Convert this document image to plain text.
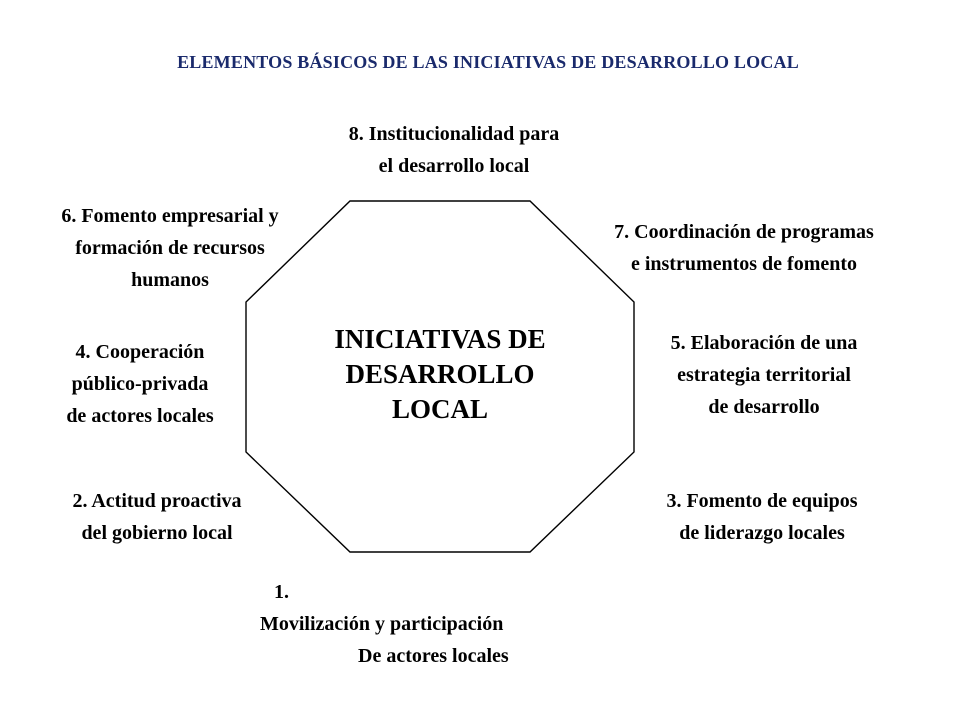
ELEMENTOS BÁSICOS DE LAS INICIATIVAS DE DESARROLLO LOCAL
INICIATIVAS DE
DESARROLLO
LOCAL
8. Institucionalidad para
el desarrollo local
6. Fomento empresarial y
formación de recursos
humanos
7. Coordinación de programas
e instrumentos de fomento
4. Cooperación
público-privada
de actores locales
5. Elaboración de una
estrategia territorial
de desarrollo
2. Actitud proactiva
del gobierno local
3. Fomento de equipos
de liderazgo locales
1.
Movilización y participación
De actores locales
